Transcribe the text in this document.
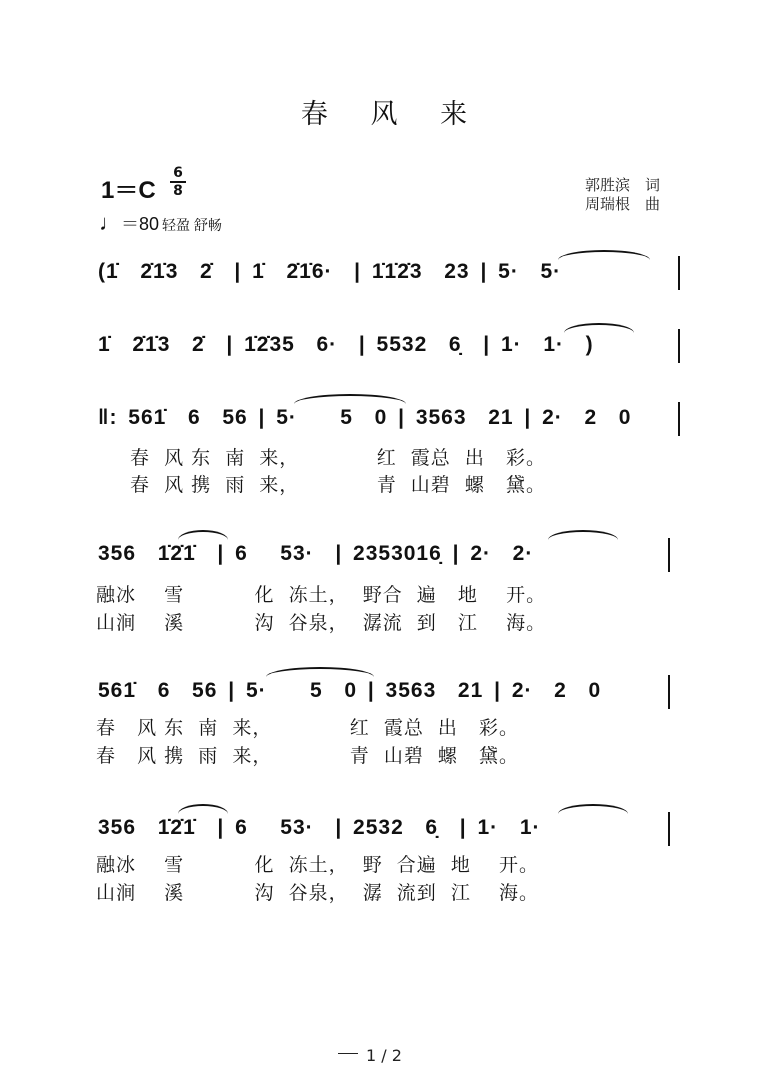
春 风 来
1＝C
6
8
♩＝80 轻盈 舒畅
郭胜滨 词
周瑞根 曲
(1̇  2̇1̇3  2̇  | 1̇  2̇1̇6·  | 1̇1̇2̇3  23 | 5·  5·
1̇  2̇1̇3  2̇  | 1̇2̇35  6·  | 5532  6̣  | 1·  1·  )
‖: 561̇  6  56 | 5·    5  0 | 3563  21 | 2·  2  0
春  风 东  南  来，           红  霞总  出   彩。
春  风 携  雨  来，           青  山碧  螺   黛。
356  1̇2̇1̇  | 6   53·  | 2353016̣ | 2·  2·
融冰    雪          化  冻土，  野合  遍   地    开。
山涧    溪          沟  谷泉，  潺流  到   江    海。
561̇  6  56 | 5·    5  0 | 3563  21 | 2·  2  0
春   风 东  南  来，           红  霞总  出   彩。
春   风 携  雨  来，           青  山碧  螺   黛。
356  1̇2̇1̇  | 6   53·  | 2532  6̣  | 1·  1·
融冰    雪          化  冻土，  野  合遍  地    开。
山涧    溪          沟  谷泉，  潺  流到  江    海。
1 / 2
